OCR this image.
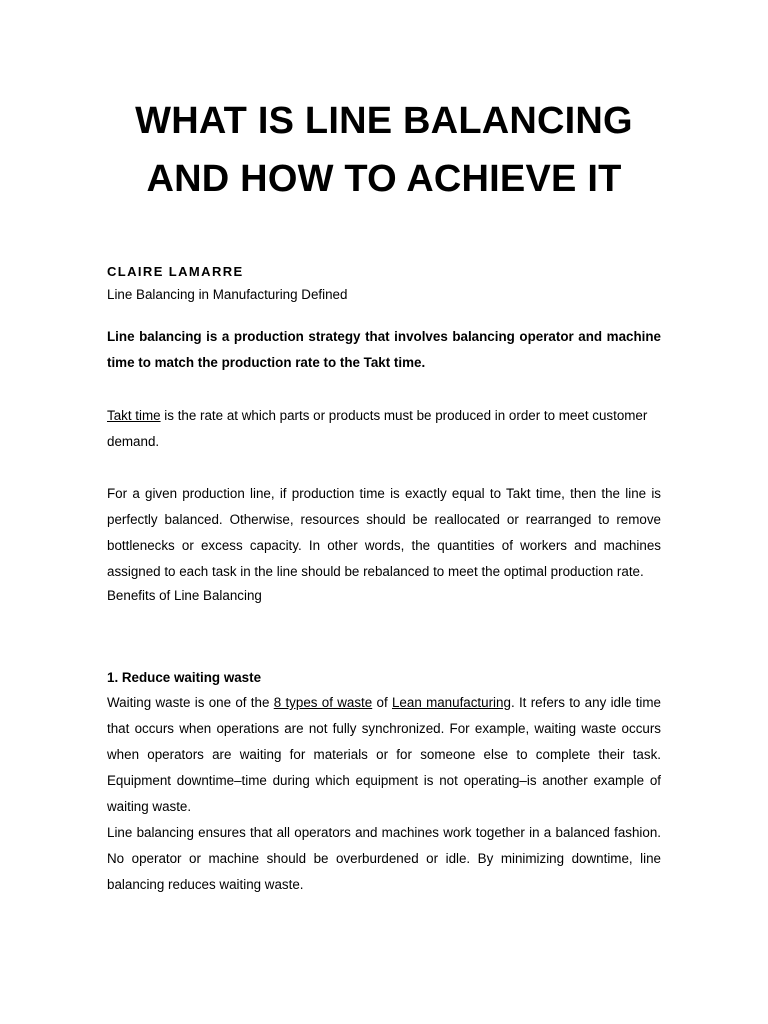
WHAT IS LINE BALANCING
AND HOW TO ACHIEVE IT
CLAIRE LAMARRE
Line Balancing in Manufacturing Defined

Line balancing is a production strategy that involves balancing operator and machine time to match the production rate to the Takt time.

Takt time is the rate at which parts or products must be produced in order to meet customer demand.

For a given production line, if production time is exactly equal to Takt time, then the line is perfectly balanced. Otherwise, resources should be reallocated or rearranged to remove bottlenecks or excess capacity. In other words, the quantities of workers and machines assigned to each task in the line should be rebalanced to meet the optimal production rate.

Benefits of Line Balancing
1. Reduce waiting waste

Waiting waste is one of the 8 types of waste of Lean manufacturing. It refers to any idle time that occurs when operations are not fully synchronized. For example, waiting waste occurs when operators are waiting for materials or for someone else to complete their task. Equipment downtime–time during which equipment is not operating–is another example of waiting waste.

Line balancing ensures that all operators and machines work together in a balanced fashion. No operator or machine should be overburdened or idle. By minimizing downtime, line balancing reduces waiting waste.
